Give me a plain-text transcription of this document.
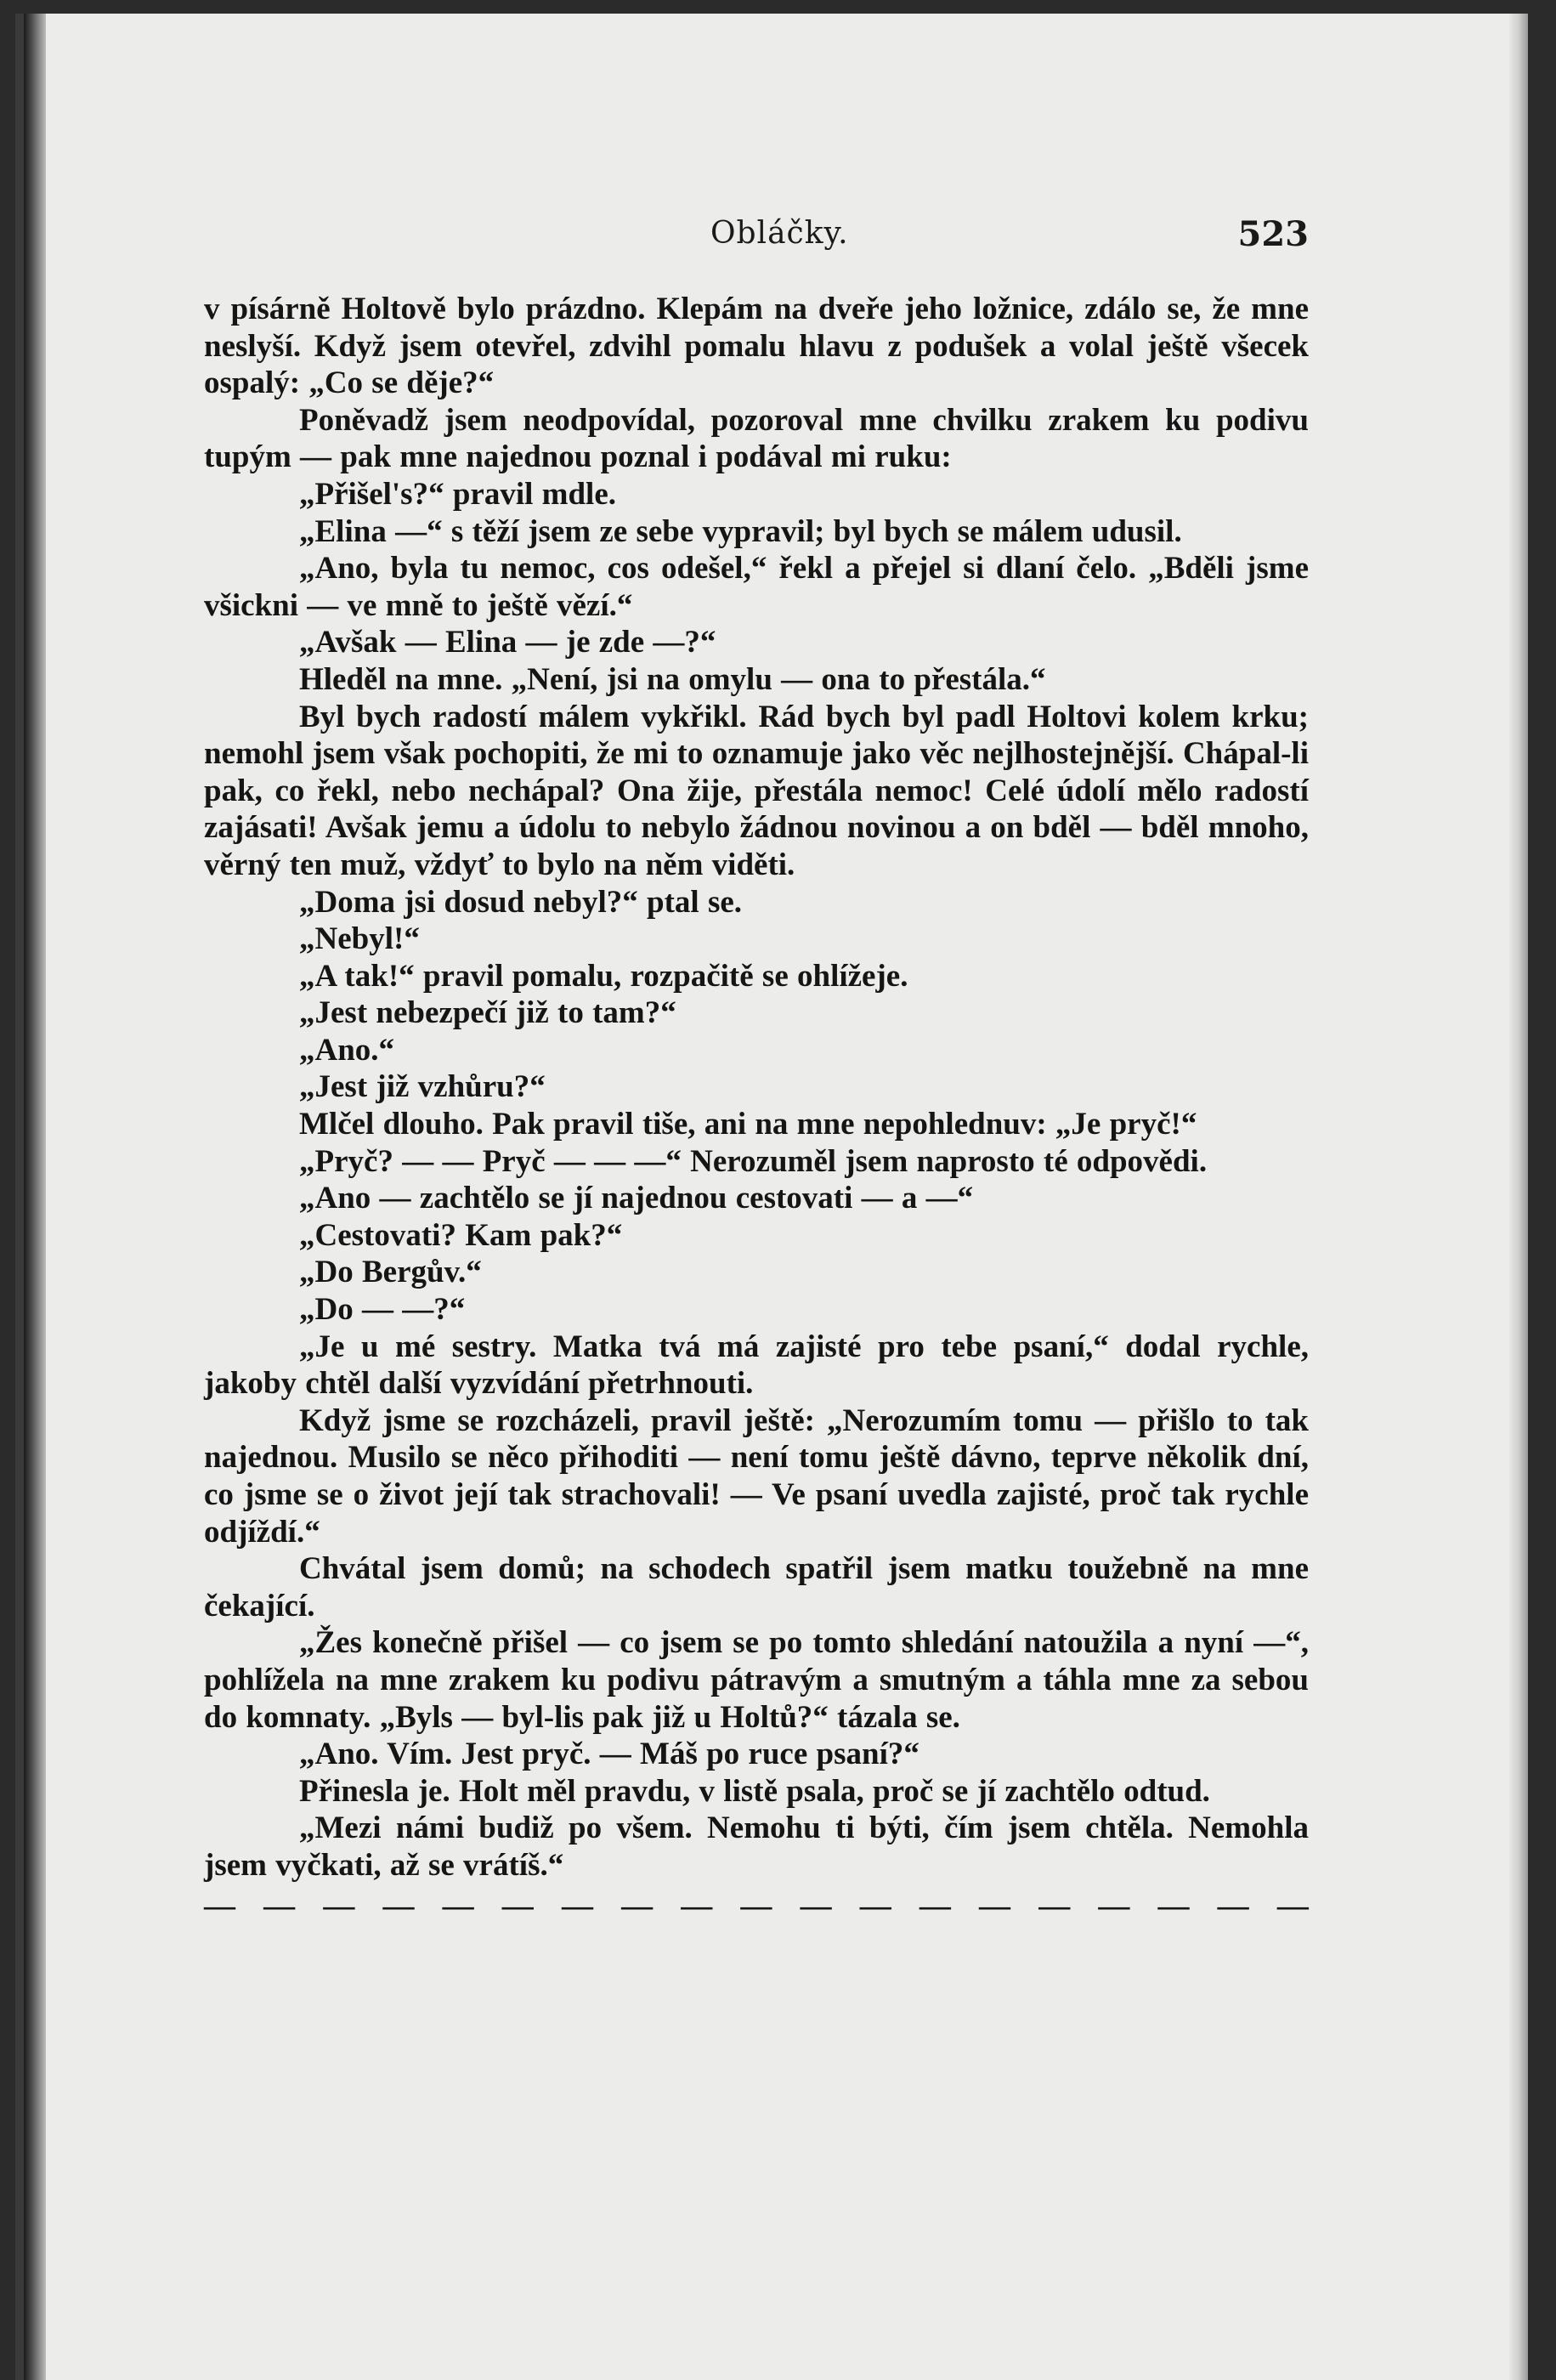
Obláčky.	523

v písárně Holtově bylo prázdno. Klepám na dveře jeho ložnice, zdálo se, že mne neslyší. Když jsem otevřel, zdvihl pomalu hlavu z podušek a volal ještě všecek ospalý: „Co se děje?“

Poněvadž jsem neodpovídal, pozoroval mne chvilku zrakem ku podivu tupým — pak mne najednou poznal i podával mi ruku:

„Přišel's?“ pravil mdle.

„Elina —“ s těží jsem ze sebe vypravil; byl bych se málem udusil.

„Ano, byla tu nemoc, cos odešel,“ řekl a přejel si dlaní čelo. „Bděli jsme všickni — ve mně to ještě vězí.“

„Avšak — Elina — je zde —?“

Hleděl na mne. „Není, jsi na omylu — ona to přestála.“

Byl bych radostí málem vykřikl. Rád bych byl padl Holtovi kolem krku; nemohl jsem však pochopiti, že mi to oznamuje jako věc nejlhostejnější. Chápal-li pak, co řekl, nebo nechápal? Ona žije, přestála nemoc! Celé údolí mělo radostí zajásati! Avšak jemu a údolu to nebylo žádnou novinou a on bděl — bděl mnoho, věrný ten muž, vždyť to bylo na něm viděti.

„Doma jsi dosud nebyl?“ ptal se.

„Nebyl!“

„A tak!“ pravil pomalu, rozpačitě se ohlížeje.

„Jest nebezpečí již to tam?“

„Ano.“

„Jest již vzhůru?“

Mlčel dlouho. Pak pravil tiše, ani na mne nepohlednuv: „Je pryč!“

„Pryč? — — Pryč — — —“ Nerozuměl jsem naprosto té odpovědi.

„Ano — zachtělo se jí najednou cestovati — a —“

„Cestovati? Kam pak?“

„Do Bergův.“

„Do — —?“

„Je u mé sestry. Matka tvá má zajisté pro tebe psaní,“ dodal rychle, jakoby chtěl další vyzvídání přetrhnouti.

Když jsme se rozcházeli, pravil ještě: „Nerozumím tomu — přišlo to tak najednou. Musilo se něco přihoditi — není tomu ještě dávno, teprve několik dní, co jsme se o život její tak strachovali! — Ve psaní uvedla zajisté, proč tak rychle odjíždí.“

Chvátal jsem domů; na schodech spatřil jsem matku toužebně na mne čekající.

„Žes konečně přišel — co jsem se po tomto shledání natoužila a nyní —“, pohlížela na mne zrakem ku podivu pátravým a smutným a táhla mne za sebou do komnaty. „Byls — byl-lis pak již u Holtů?“ tázala se.

„Ano. Vím. Jest pryč. — Máš po ruce psaní?“

Přinesla je. Holt měl pravdu, v listě psala, proč se jí zachtělo odtud.

„Mezi námi budiž po všem. Nemohu ti býti, čím jsem chtěla. Nemohla jsem vyčkati, až se vrátíš.“

— — — — — — — — — — — — — — — — — — —
